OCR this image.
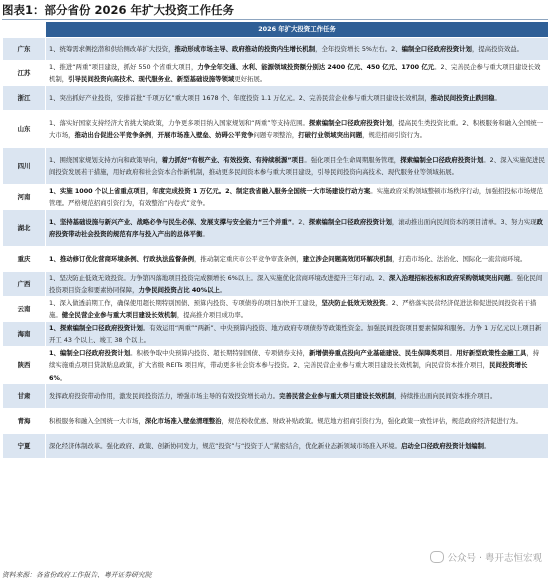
图表1：部分省份 2026 年扩大投资工作任务
	2026 年扩大投资工作任务
广东	1、统筹需求侧挖潜和供给侧改革扩大投资，推动形成市场主导、政府推动的投资内生增长机制，全年投资增长 5%左右。2、编制全口径政府投资计划，提高投资效益。

江苏	1、推进“两重”项目建设，抓好 550 个省重大项目，力争全年交通、水利、能源领域投资额分别达 2400 亿元、450 亿元、1700 亿元。2、完善民企参与重大项目建设长效机制，引导民间投资向高技术、现代服务业、新型基础设施等领域更好拓展。

浙江	1、突出抓好产业投资，安排首批“千项万亿”重大项目 1678 个、年度投资 1.1 万亿元。2、完善民营企业参与重大项目建设长效机制，推动民间投资止跌回稳。

山东	1、落实好国家支持经济大省挑大梁政策，力争更多项目纳入国家规划和“两重”等支持范围。探索编制全口径政府投资计划，提高民生类投资比重。2、积极服务和融入全国统一大市场，推动出台促进公平竞争条例，开展市场准入壁垒、妨碍公平竞争问题专项整治，打破行业领域突出问题，规范招商引资行为。

四川	1、围绕国家规划支持方向和政策导向，着力抓好“有根产业、有效投资、有持续税源”项目。强化项目全生命周期服务管理，探索编制全口径政府投资计划。2、深入实施促进民间投资发展若干措施，用好政府和社会资本合作新机制，推动更多民间资本参与重大项目建设，引导民间投资向高技术、现代服务业等领域拓展。

河南	1、实施 1000 个以上省重点项目，年度完成投资 1 万亿元。2、制定我省融入服务全国统一大市场建设行动方案。实施政府采购领域整顿市场秩序行动，加强招投标市场规范管理。严格规范招商引资行为，有效整治“内卷式”竞争。

湖北	1、坚持基础设施与新兴产业、战略必争与民生必保、发展支撑与安全能力“三个并重”。2、探索编制全口径政府投资计划，滚动推出面向民间资本的项目清单。3、努力实现政府投资带动社会投资的规范有序与投入产出的总体平衡。

重庆	1、推动修订优化营商环境条例、行政执法监督条例，推动制定重庆市公平竞争审查条例，建立涉企问题高效闭环解决机制，打造市场化、法治化、国际化一流营商环境。

广西	1、坚决防止低效无效投资。力争第四落地项目投资完成额增长 6%以上。深入实施优化营商环境改进提升三年行动。2、深入治理招标投标和政府采购领域突出问题。强化民间投资项目资金和要素协同保障，力争民间投资占比 40%以上。

云南	1、深入做透前期工作，确保使用超长期特别国债、预算内投资、专项债券的项目加快开工建设，坚决防止低效无效投资。2、严格落实民营经济促进法和促进民间投资若干措施。健全民营企业参与重大项目建设长效机制，提高推介项目成功率。

海南	1、探索编制全口径政府投资计划。有效运用“两重”“两新”、中央预算内投资、地方政府专项债券等政策性资金。加强民间投资项目要素保障和服务。力争 1 万亿元以上项目新开工 43 个以上、竣工 38 个以上。

陕西	1、编制全口径政府投资计划。积极争取中央预算内投资、超长期特别国债、专项债券支持，新增债券重点投向产业基础建设、民生保障类项目。用好新型政策性金融工具，持续实施重点项目贷款贴息政策，扩大省级 REITs 项目库，带动更多社会资本参与投资。2、完善民营企业参与重大项目建设长效机制，向民营资本推介项目，民间投资增长 6%。

甘肃	发挥政府投资带动作用，激发民间投资活力，增强市场主导的有效投资增长动力。完善民营企业参与重大项目建设长效机制，持续推出面向民间资本推介项目。

青海	积极服务和融入全国统一大市场，深化市场准入壁垒清理整治，规范税收优惠、财政补贴政策。规范地方招商引资行为，强化政策一致性评估，规范政府经济促进行为。

宁夏	深化经济体制改革。强化政府、政策、创新协同发力，规范“投资”与“投资于人”紧密结合，优化新业态新领域市场准入环境。启动全口径政府投资计划编制。
公众号 · 粤开志恒宏观
资料来源：各省份政府工作报告、粤开证券研究院
